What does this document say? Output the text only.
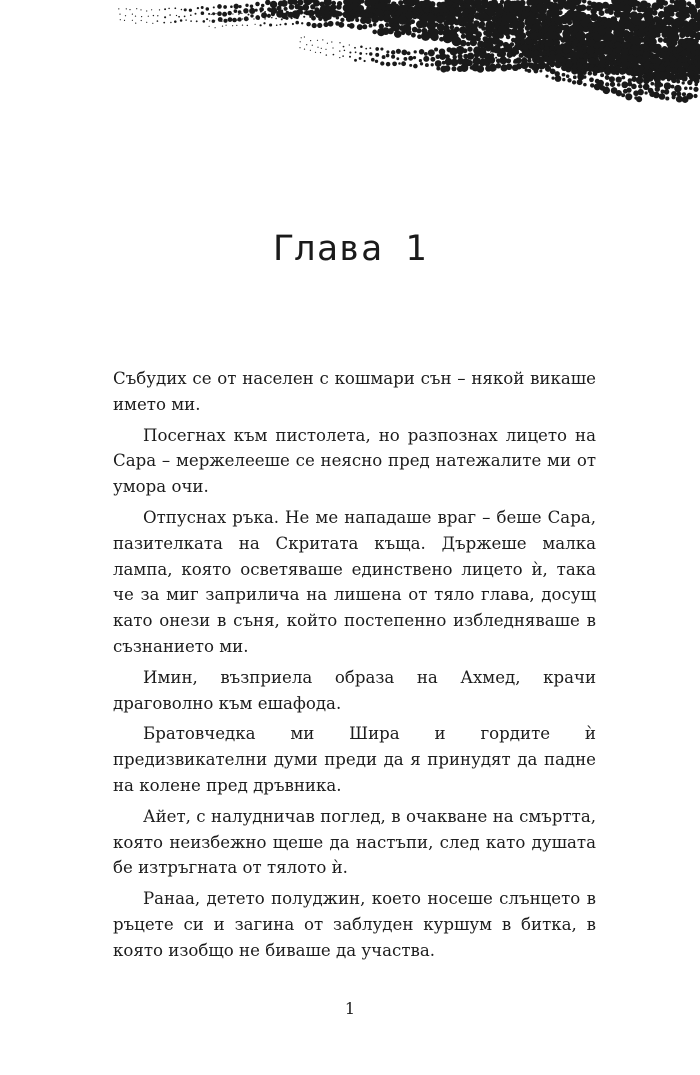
Глава 1

Събудих се от населен с кошмари сън – някой викаше името ми.

Посегнах към пистолета, но разпознах лицето на Сара – мержелееше се неясно пред натежалите ми от умора очи.

Отпуснах ръка. Не ме нападаше враг – беше Сара, пазителката на Скритата къща. Държеше малка лампа, която осветяваше единствено лицето ѝ, така че за миг заприлича на лишена от тяло глава, досущ като онези в съня, който постепенно избледняваше в съзнанието ми.

Имин, възприела образа на Ахмед, крачи драговолно към ешафода.

Братовчедка ми Шира и гордите ѝ предизвикателни думи преди да я принудят да падне на колене пред дръвника.

Айет, с налудничав поглед, в очакване на смъртта, която неизбежно щеше да настъпи, след като душата бе изтръгната от тялото ѝ.

Ранаа, детето полуджин, което носеше слънцето в ръцете си и загина от заблуден куршум в битка, в която изобщо не биваше да участва.

1
